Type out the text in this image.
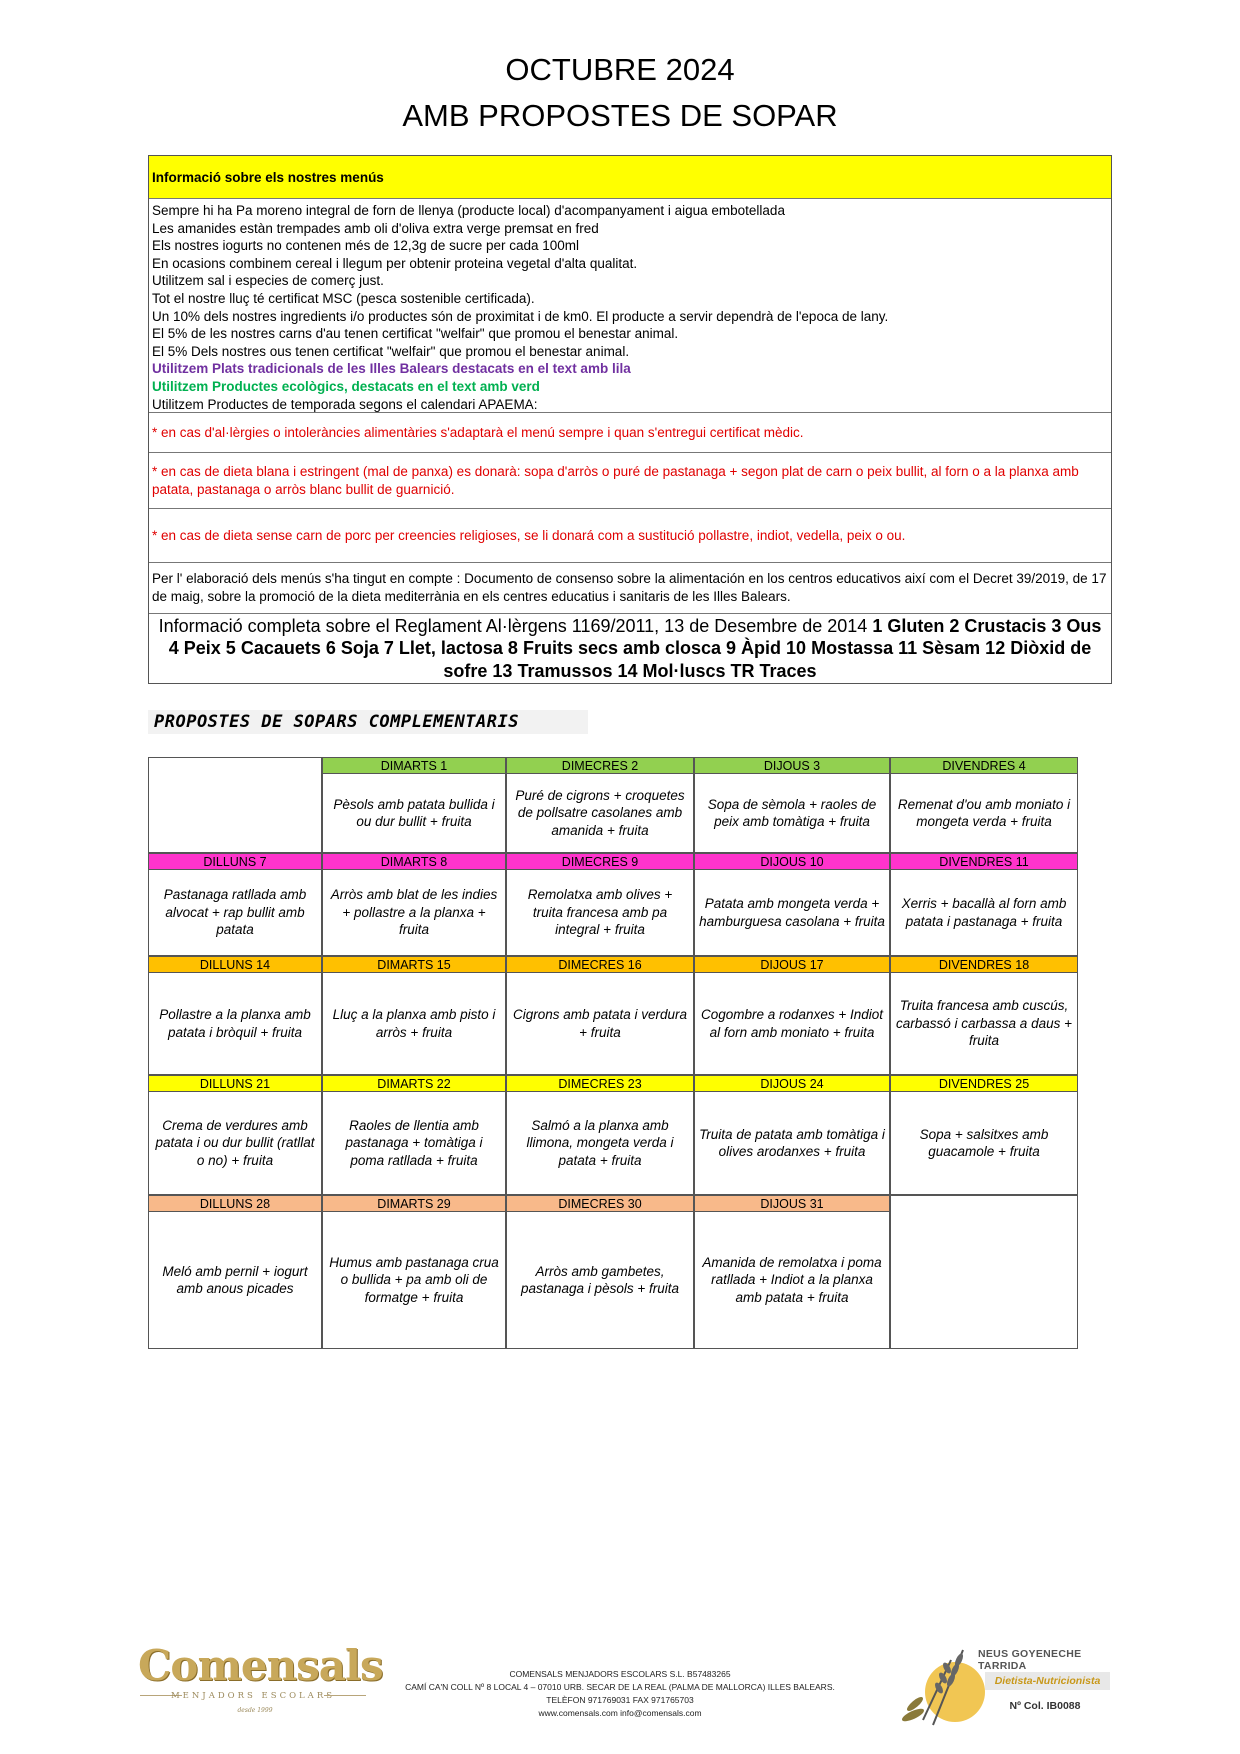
OCTUBRE 2024
AMB PROPOSTES DE SOPAR
Informació sobre els nostres menús
Sempre hi ha Pa moreno integral de forn de llenya (producte local) d'acompanyament i aigua embotellada
Les amanides estàn trempades amb oli d'oliva extra verge premsat en fred
Els nostres iogurts no contenen més de 12,3g de sucre per cada 100ml
En ocasions combinem cereal i llegum per obtenir proteina vegetal d'alta qualitat.
Utilitzem sal i especies de comerç just.
Tot el nostre lluç té certificat MSC (pesca sostenible certificada).
Un 10% dels nostres ingredients i/o productes són de proximitat i de km0. El producte a servir dependrà de l'epoca de lany.
El 5% de les nostres carns d'au tenen certificat "welfair" que promou el benestar animal.
El 5% Dels nostres ous tenen certificat "welfair" que promou el benestar animal.
Utilitzem Plats tradicionals de les Illes Balears destacats en el text amb lila
Utilitzem Productes ecològics, destacats en el text amb verd
Utilitzem Productes de temporada segons el calendari APAEMA:
* en cas d'al·lèrgies o intoleràncies alimentàries s'adaptarà el menú sempre i quan s'entregui certificat mèdic.
* en cas de dieta blana i estringent (mal de panxa) es donarà: sopa d'arròs o puré de pastanaga + segon plat de carn o peix bullit, al forn o a la planxa amb patata, pastanaga o arròs blanc bullit de guarnició.
* en cas de dieta sense carn de porc per creencies religioses, se li donará com a sustitució pollastre, indiot, vedella, peix o ou.
Per l' elaboració dels menús s'ha tingut en compte : Documento de consenso sobre la alimentación en los centros educativos així com el Decret 39/2019, de 17 de maig, sobre la promoció de la dieta mediterrània en els centres educatius i sanitaris de les Illes Balears.
Informació completa sobre el Reglament Al·lèrgens 1169/2011, 13 de Desembre de 2014 1 Gluten 2 Crustacis 3 Ous 4 Peix 5 Cacauets 6 Soja 7 Llet, lactosa 8 Fruits secs amb closca 9 Àpid 10 Mostassa 11 Sèsam 12 Diòxid de sofre 13 Tramussos 14 Mol·luscs TR Traces
PROPOSTES DE SOPARS COMPLEMENTARIS
DIMARTS 1
Pèsols amb patata bullida i ou dur bullit + fruita
DIMECRES 2
Puré de cigrons + croquetes de pollsatre casolanes amb amanida + fruita
DIJOUS 3
Sopa de sèmola + raoles de peix amb tomàtiga + fruita
DIVENDRES 4
Remenat d'ou amb moniato i mongeta verda + fruita
DILLUNS 7
Pastanaga ratllada amb alvocat + rap bullit amb patata
DIMARTS 8
Arròs amb blat de les indies + pollastre a la planxa + fruita
DIMECRES 9
Remolatxa amb olives + truita francesa amb pa integral + fruita
DIJOUS 10
Patata amb mongeta verda + hamburguesa casolana + fruita
DIVENDRES 11
Xerris + bacallà al forn amb patata i pastanaga + fruita
DILLUNS 14
Pollastre a la planxa amb patata i bròquil + fruita
DIMARTS 15
Lluç a la planxa amb pisto i arròs + fruita
DIMECRES 16
Cigrons amb patata i verdura + fruita
DIJOUS 17
Cogombre a rodanxes + Indiot al forn amb moniato + fruita
DIVENDRES 18
Truita francesa amb cuscús, carbassó i carbassa a daus + fruita
DILLUNS 21
Crema de verdures amb patata i ou dur bullit (ratllat o no) + fruita
DIMARTS 22
Raoles de llentia amb pastanaga + tomàtiga i poma ratllada + fruita
DIMECRES 23
Salmó a la planxa amb llimona, mongeta verda i patata + fruita
DIJOUS 24
Truita de patata amb tomàtiga i olives arodanxes + fruita
DIVENDRES 25
Sopa + salsitxes amb guacamole + fruita
DILLUNS 28
Meló amb pernil + iogurt amb anous picades
DIMARTS 29
Humus amb pastanaga crua o bullida + pa amb oli de formatge + fruita
DIMECRES 30
Arròs amb gambetes, pastanaga i pèsols + fruita
DIJOUS 31
Amanida de remolatxa i poma ratllada + Indiot a la planxa amb patata + fruita
Comensals
MENJADORS ESCOLARS
desde 1999
COMENSALS MENJADORS ESCOLARS S.L. B57483265
CAMÍ CA'N COLL Nº 8 LOCAL 4 – 07010 URB. SECAR DE LA REAL (PALMA DE MALLORCA) ILLES BALEARS.
TELÈFON 971769031 FAX 971765703
www.comensals.com info@comensals.com
NEUS GOYENECHE TARRIDA
Dietista-Nutricionista
Nº Col. IB0088
